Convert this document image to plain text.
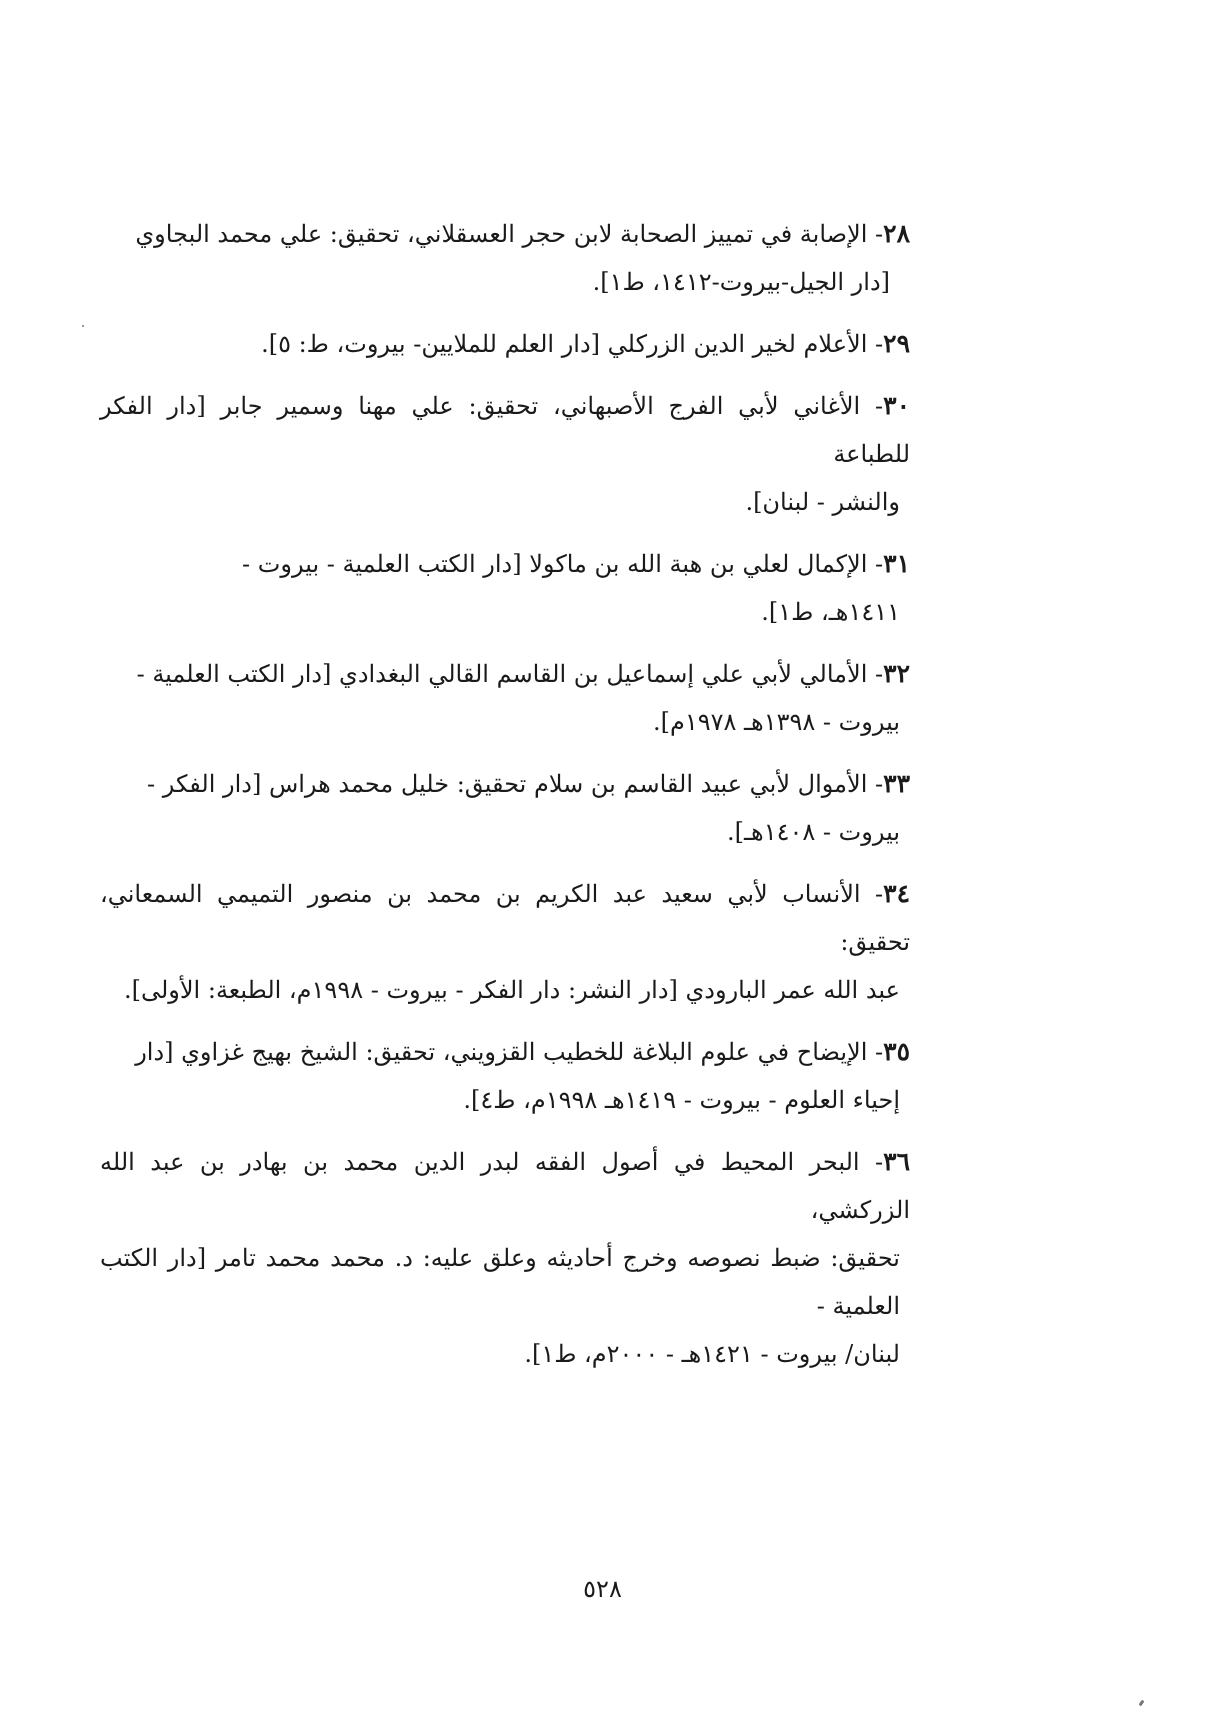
٢٨- الإصابة في تمييز الصحابة لابن حجر العسقلاني، تحقيق: علي محمد البجاوي
[دار الجيل-بيروت-١٤١٢، ط١].
٢٩- الأعلام لخير الدين الزركلي [دار العلم للملايين- بيروت، ط: ٥].
٣٠- الأغاني لأبي الفرج الأصبهاني، تحقيق: علي مهنا وسمير جابر [دار الفكر للطباعة
والنشر - لبنان].
٣١- الإكمال لعلي بن هبة الله بن ماكولا [دار الكتب العلمية - بيروت -
١٤١١هـ، ط١].
٣٢- الأمالي لأبي علي إسماعيل بن القاسم القالي البغدادي [دار الكتب العلمية -
بيروت - ١٣٩٨هـ ١٩٧٨م].
٣٣- الأموال لأبي عبيد القاسم بن سلام تحقيق: خليل محمد هراس [دار الفكر -
بيروت - ١٤٠٨هـ].
٣٤- الأنساب لأبي سعيد عبد الكريم بن محمد بن منصور التميمي السمعاني، تحقيق:
عبد الله عمر البارودي [دار النشر: دار الفكر - بيروت - ١٩٩٨م، الطبعة: الأولى].
٣٥- الإيضاح في علوم البلاغة للخطيب القزويني، تحقيق: الشيخ بهيج غزاوي [دار
إحياء العلوم - بيروت - ١٤١٩هـ ١٩٩٨م، ط٤].
٣٦- البحر المحيط في أصول الفقه لبدر الدين محمد بن بهادر بن عبد الله الزركشي،
تحقيق: ضبط نصوصه وخرج أحاديثه وعلق عليه: د. محمد محمد تامر [دار الكتب العلمية -
لبنان/ بيروت - ١٤٢١هـ - ٢٠٠٠م، ط١].
٥٢٨
